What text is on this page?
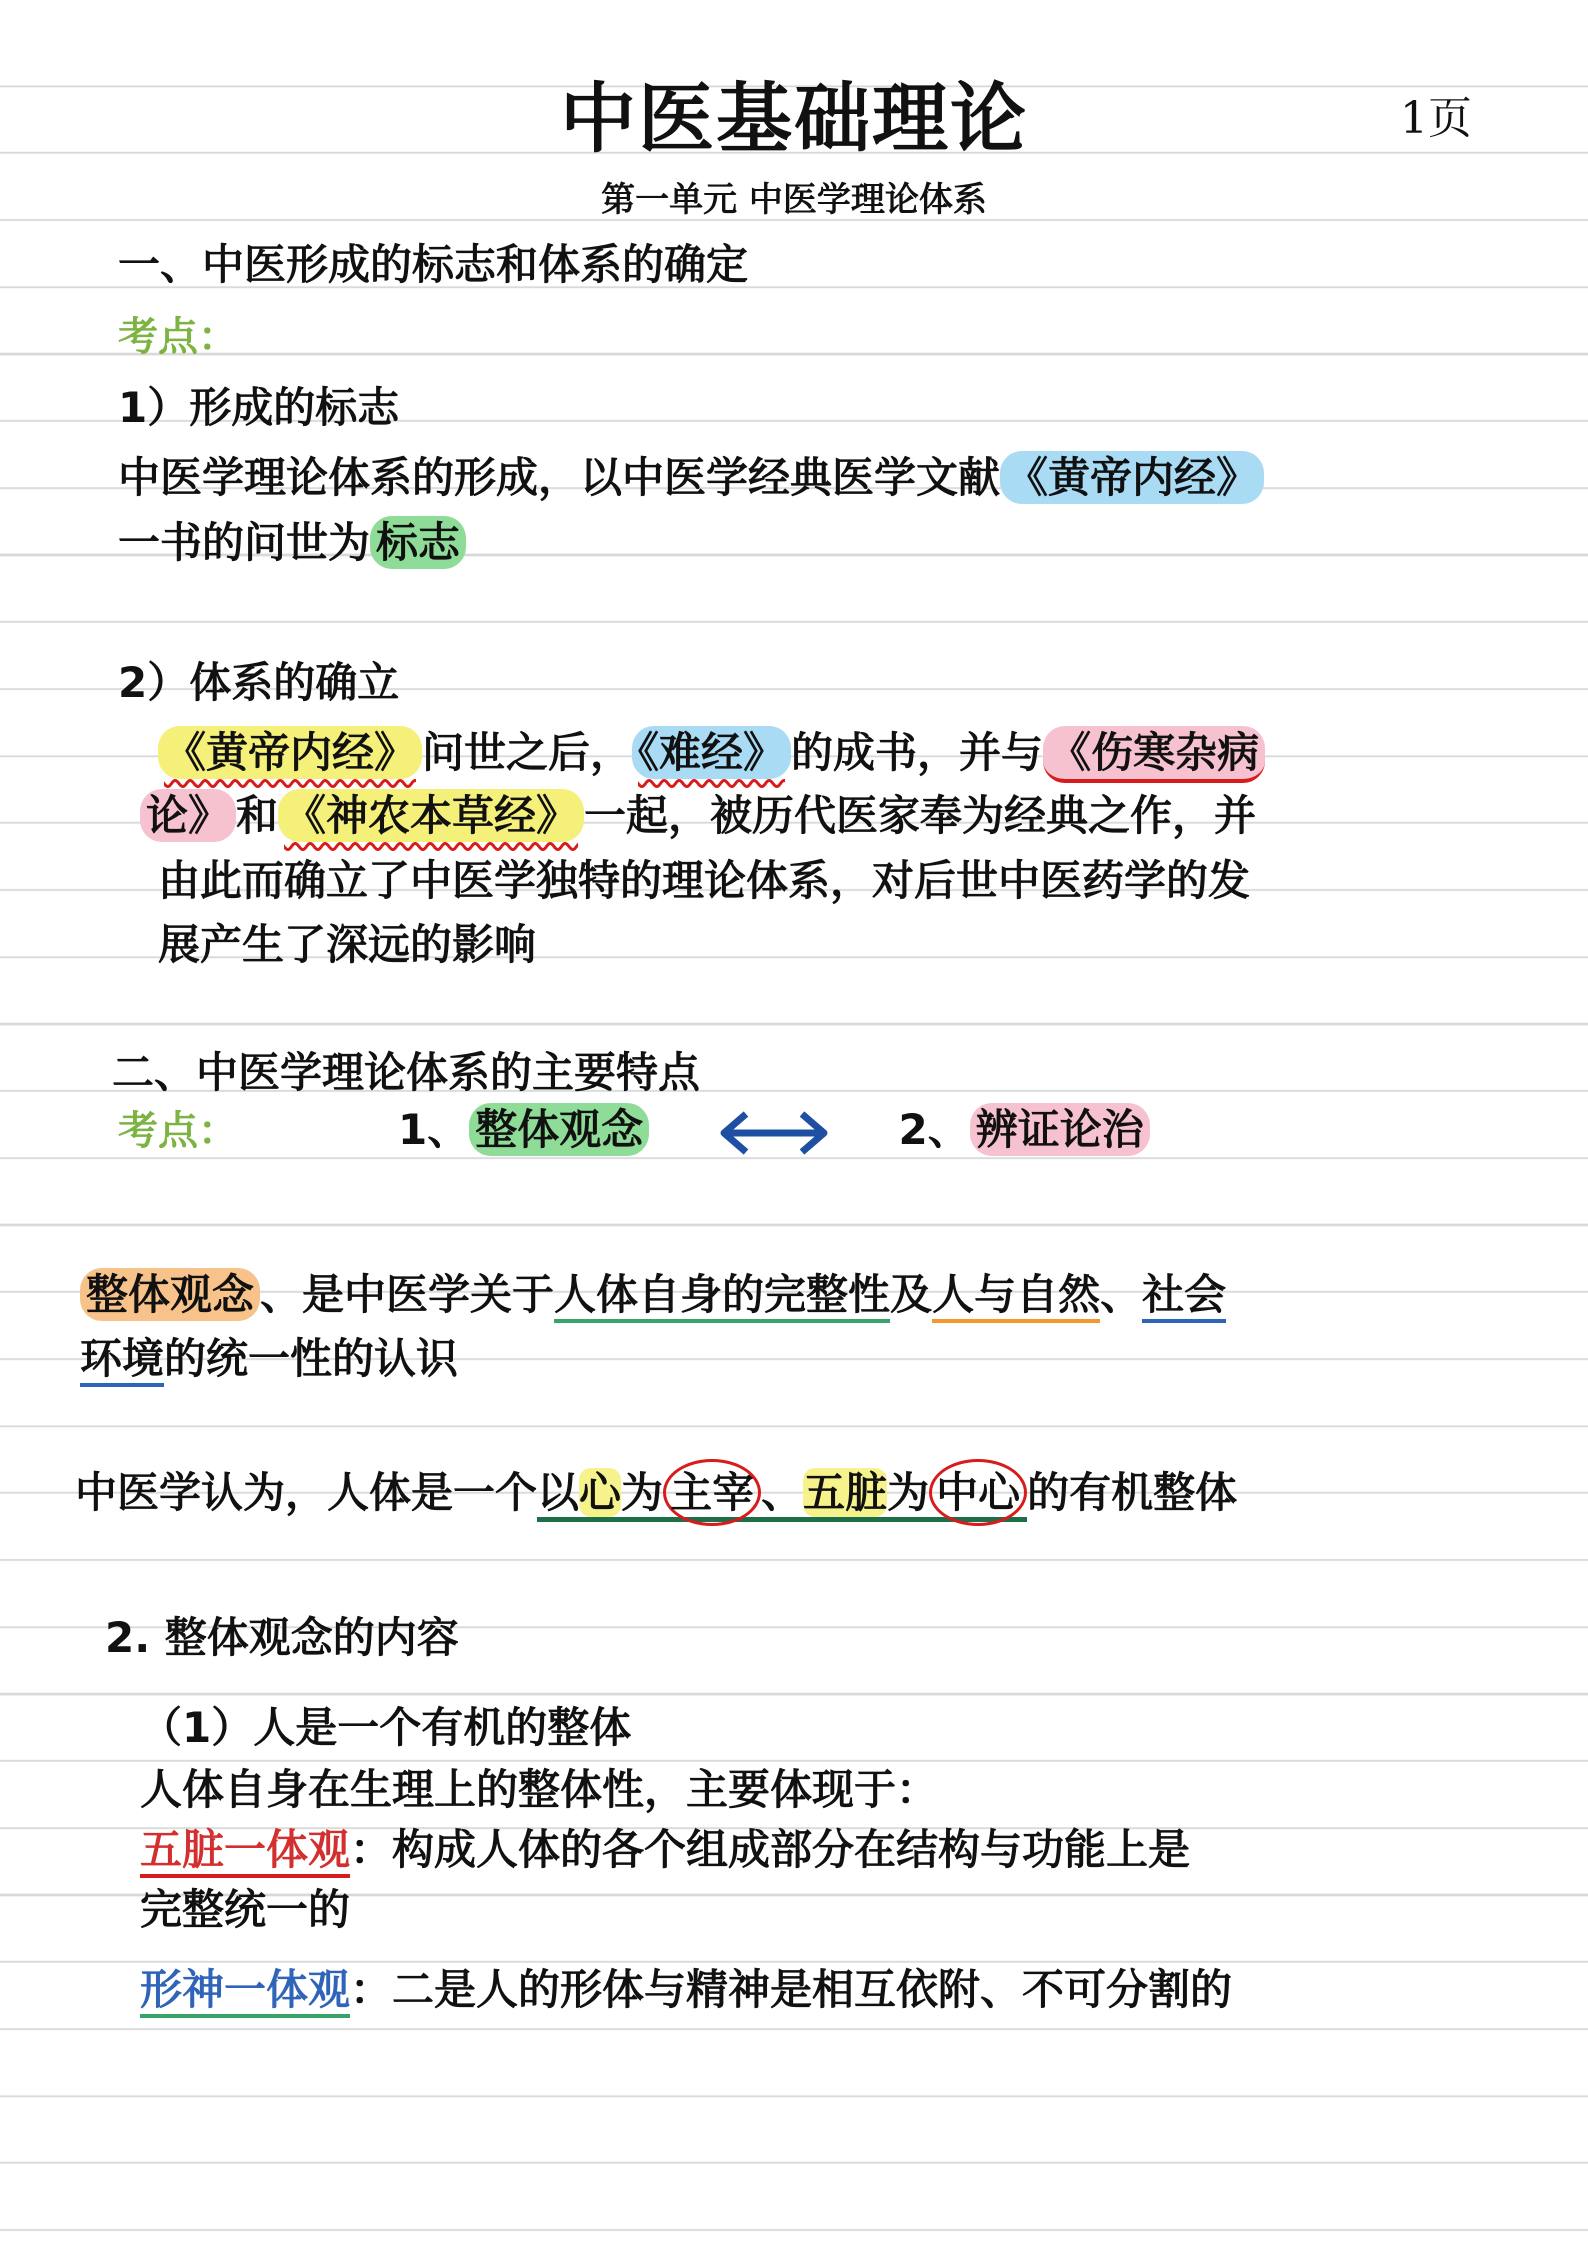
中医基础理论	1页
第一单元 中医学理论体系
一、中医形成的标志和体系的确定
考点：
1）形成的标志
中医学理论体系的形成，以中医学经典医学文献 《黄帝内经》
一书的问世为 标志
2）体系的确立
《黄帝内经》 问世之后， 《难经》 的成书，并与 《伤寒杂病
论》 和 《神农本草经》 一起，被历代医家奉为经典之作，并
由此而确立了中医学独特的理论体系，对后世中医药学的发
展产生了深远的影响
二、中医学理论体系的主要特点
考点：	1、 整体观念	2、 辨证论治
整体观念 、是中医学关于人体自身的完整性及人与自然、社会
环境的统一性的认识
中医学认为，人体是一个以心为 主宰 、五脏为 中心 的有机整体
2. 整体观念的内容
（1）人是一个有机的整体
人体自身在生理上的整体性，主要体现于：
五脏一体观：构成人体的各个组成部分在结构与功能上是
完整统一的
形神一体观：二是人的形体与精神是相互依附、不可分割的
